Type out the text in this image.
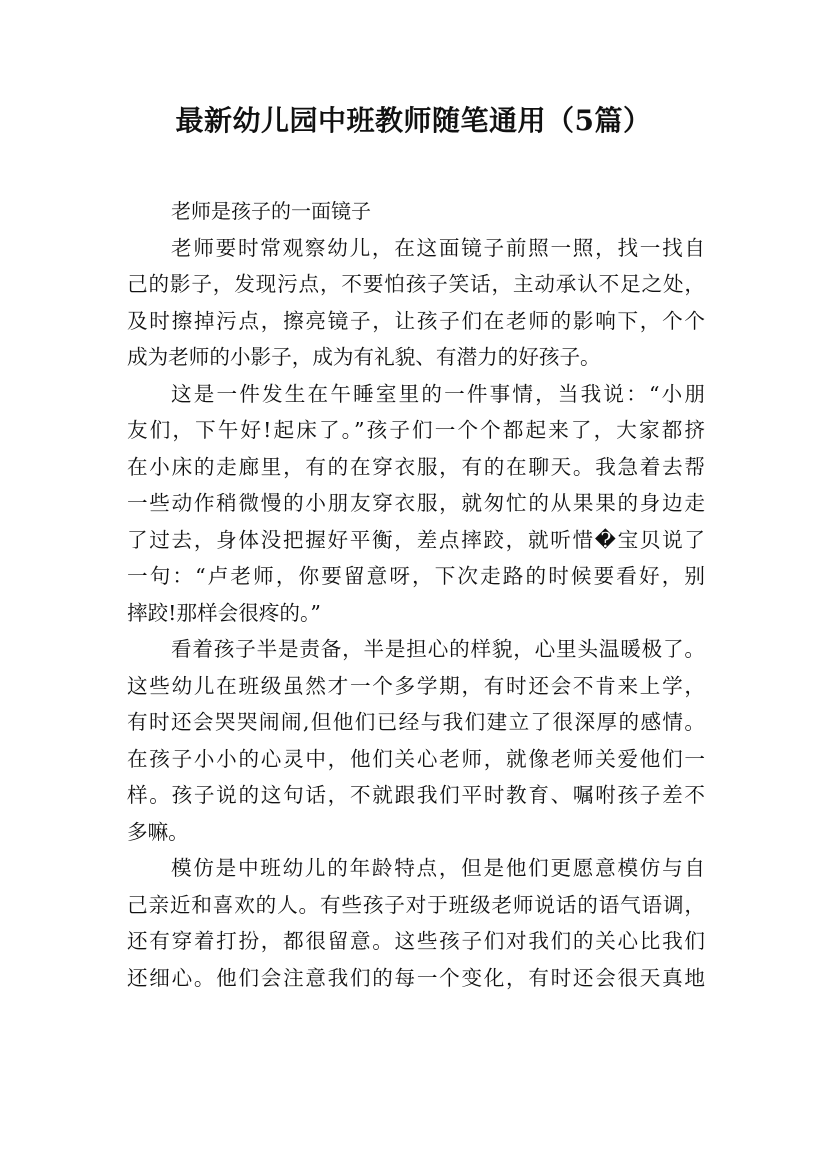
最新幼儿园中班教师随笔通用（5篇）

老师是孩子的一面镜子

老师要时常观察幼儿，在这面镜子前照一照，找一找自
己的影子，发现污点，不要怕孩子笑话，主动承认不足之处，
及时擦掉污点，擦亮镜子，让孩子们在老师的影响下，个个
成为老师的小影子，成为有礼貌、有潜力的好孩子。

这是一件发生在午睡室里的一件事情，当我说：“小朋
友们，下午好!起床了。”孩子们一个个都起来了，大家都挤
在小床的走廊里，有的在穿衣服，有的在聊天。我急着去帮
一些动作稍微慢的小朋友穿衣服，就匆忙的从果果的身边走
了过去，身体没把握好平衡，差点摔跤，就听惜�宝贝说了
一句：“卢老师，你要留意呀，下次走路的时候要看好，别
摔跤!那样会很疼的。”

看着孩子半是责备，半是担心的样貌，心里头温暖极了。
这些幼儿在班级虽然才一个多学期，有时还会不肯来上学，
有时还会哭哭闹闹,但他们已经与我们建立了很深厚的感情。
在孩子小小的心灵中，他们关心老师，就像老师关爱他们一
样。孩子说的这句话，不就跟我们平时教育、嘱咐孩子差不
多嘛。

模仿是中班幼儿的年龄特点，但是他们更愿意模仿与自
己亲近和喜欢的人。有些孩子对于班级老师说话的语气语调，
还有穿着打扮，都很留意。这些孩子们对我们的关心比我们
还细心。他们会注意我们的每一个变化，有时还会很天真地
